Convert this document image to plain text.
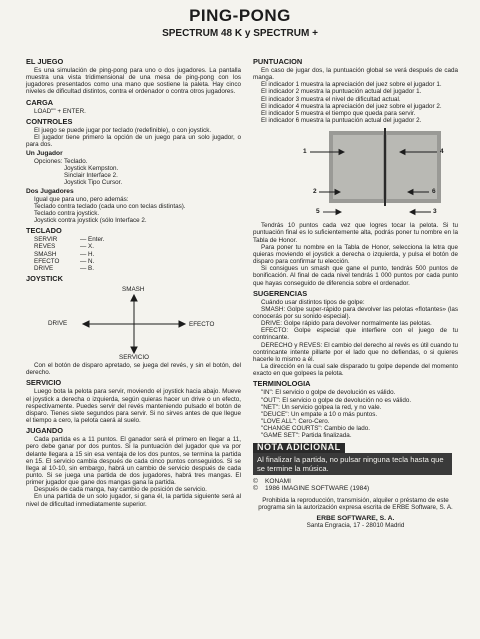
PING-PONG
SPECTRUM 48 K y SPECTRUM +
EL JUEGO

Es una simulación de ping-pong para uno o dos jugadores. La pantalla muestra una vista tridimensional de una mesa de ping-pong con los jugadores presentados como una mano que sostiene la paleta. Hay cinco niveles de dificultad distintos, contra el ordenador o contra otros jugadores.

CARGA

LOAD"" + ENTER.

CONTROLES

El juego se puede jugar por teclado (redefinible), o con joystick.

El jugador tiene primero la opción de un juego para un solo jugador, o para dos.

Un Jugador

Opciones: Teclado.

Joystick Kempston.
Sinclair Interface 2.
Joystick Tipo Cursor.
Dos Jugadores

Igual que para uno, pero además:

Teclado contra teclado (cada uno con teclas distintas).
Teclado contra joystick.
Joystick contra joystick (sólo Interface 2.
TECLADO
SERVIR	— Enter.
REVES	— X.
SMASH	— H.
EFECTO	— N.
DRIVE	— B.
JOYSTICK
SMASH
DRIVE	EFECTO
SERVICIO

Con el botón de disparo apretado, se juega del revés, y sin el botón, del derecho.

SERVICIO

Luego bota la pelota para servir, moviendo el joystick hacia abajo. Mueve el joystick a derecha o izquierda, según quieras hacer un drive o un efecto, respectivamente. Puedes servir del revés manteniendo pulsado el botón de disparo. Tienes siete segundos para servir. Si no sirves antes de que llegue el tiempo a cero, la pelota caerá al suelo.

JUGANDO

Cada partida es a 11 puntos. El ganador será el primero en llegar a 11, pero debe ganar por dos puntos. Si la puntuación del jugador que va por delante llegara a 15 sin esa ventaja de los dos puntos, se termina la partida en 15. El servicio cambia después de cada cinco puntos conseguidos. Si se llega al 10-10, sin embargo, habrá un cambio de servicio después de cada punto. Si se juega una partida de dos jugadores, habrá tres mangas. El primer jugador que gane dos mangas gana la partida.

Después de cada manga, hay cambio de posición de servicio.

En una partida de un solo jugador, si gana él, la partida siguiente será al nivel de dificultad inmediatamente superior.

PUNTUACION

En caso de jugar dos, la puntuación global se verá después de cada manga.

El indicador 1 muestra la apreciación del juez sobre el jugador 1.

El indicador 2 muestra la puntuación actual del jugador 1.

El indicador 3 muestra el nivel de dificultad actual.

El indicador 4 muestra la apreciación del juez sobre el jugador 2.

El indicador 5 muestra el tiempo que queda para servir.

El indicador 6 muestra la puntuación actual del jugador 2.

1
2
3
4
5
6

Tendrás 10 puntos cada vez que logres tocar la pelota. Si tu puntuación final es lo suficientemente alta, podrás poner tu nombre en la Tabla de Honor.

Para poner tu nombre en la Tabla de Honor, selecciona la letra que quieras moviendo el joystick a derecha o izquierda, y pulsa el botón de disparo para confirmar tu elección.

Si consigues un smash que gane el punto, tendrás 500 puntos de bonificación. Al final de cada nivel tendrás 1 000 puntos por cada punto que hayas conseguido de diferencia sobre el ordenador.

SUGERENCIAS

Cuándo usar distintos tipos de golpe:

SMASH: Golpe super-rápido para devolver las pelotas «flotantes» (las conocerás por su sonido especial).

DRIVE: Golpe rápido para devolver normalmente las pelotas.

EFECTO: Golpe especial que interfiere con el juego de tu contrincante.

DERECHO y REVES: El cambio del derecho al revés es útil cuando tu contrincante intente pillarte por el lado que no defiendas, o si quieres hacerle lo mismo a él.

La dirección en la cual sale disparado tu golpe depende del momento exacto en que golpees la pelota.

TERMINOLOGIA
"IN": El servicio o golpe de devolución es válido.
"OUT": El servicio o golpe de devolución no es válido.
"NET": Un servicio golpea la red, y no vale.
"DEUCE": Un empate a 10 o más puntos.
"LOVE ALL": Cero-Cero.
"CHANGE COURTS": Cambio de lado.
"GAME SET": Partida finalizada.
NOTA ADICIONAL
Al finalizar la partida, no pulsar ninguna tecla hasta que se termine la música.
© KONAMI
© 1986 IMAGINE SOFTWARE (1984)
Prohibida la reproducción, transmisión, alquiler o préstamo de este programa sin la autorización expresa escrita de ERBE Software, S. A.
ERBE SOFTWARE, S. A.
Santa Engracia, 17 - 28010 Madrid
